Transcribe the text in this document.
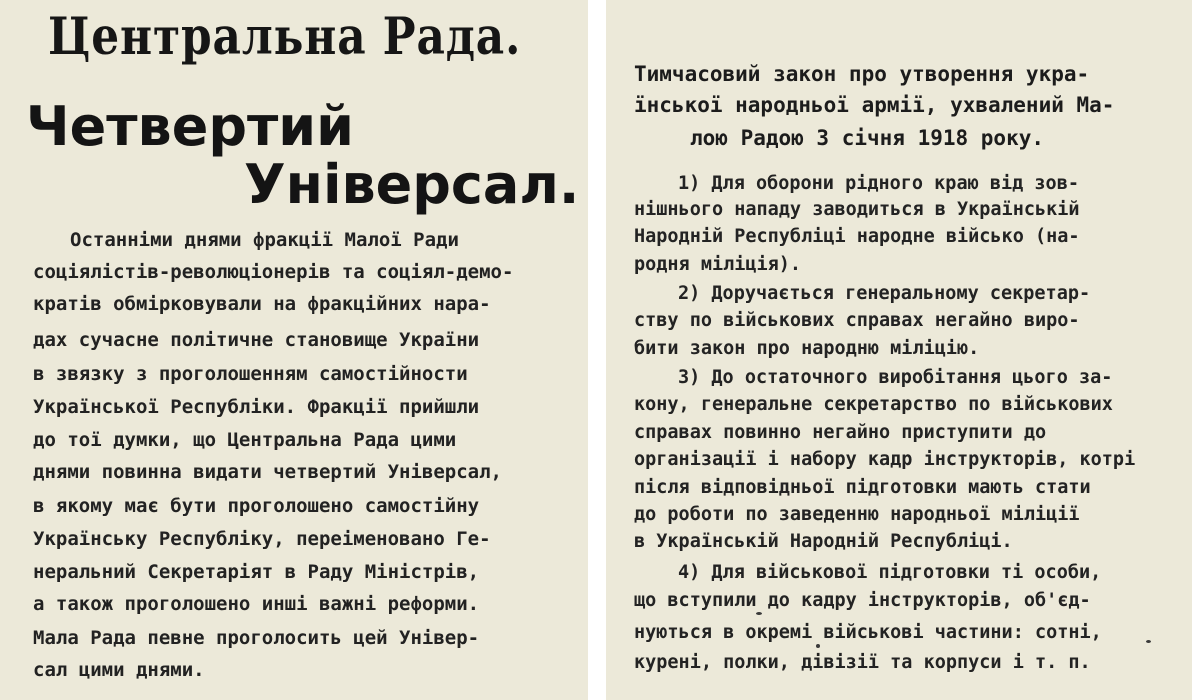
Центральна Рада.
Четвертий
Універсал.
Останніми днями фракції Малої Ради
соціялістів-революціонерів та соціял-демо-
кратів обмірковували на фракційних нара-
дах сучасне політичне становище України
в звязку з проголошенням самостійности
Української Республіки. Фракції прийшли
до тої думки, що Центральна Рада цими
днями повинна видати четвертий Універсал,
в якому має бути проголошено самостійну
Українську Республіку, переіменовано Ге-
неральний Секретаріят в Раду Міністрів,
а також проголошено инші важні реформи.
Мала Рада певне проголосить цей Універ-
сал цими днями.
Тимчасовий закон про утворення укра-
їнської народньої армії, ухвалений Ма-
лою Радою 3 січня 1918 року.
1) Для оборони рідного краю від зов-
нішнього нападу заводиться в Українській
Народній Республіці народне військо (на-
родня міліція).
2) Доручається генеральному секретар-
ству по військових справах негайно виро-
бити закон про народню міліцію.
3) До остаточного виробітання цього за-
кону, генеральне секретарство по військових
справах повинно негайно приступити до
організації і набору кадр інструкторів, котрі
після відповідньої підготовки мають стати
до роботи по заведенню народньої міліції
в Українській Народній Республіці.
4) Для військової підготовки ті особи,
що вступили до кадру інструкторів, об'єд-
нуються в окремі військові частини: сотні,
курені, полки, дівізії та корпуси і т. п.
